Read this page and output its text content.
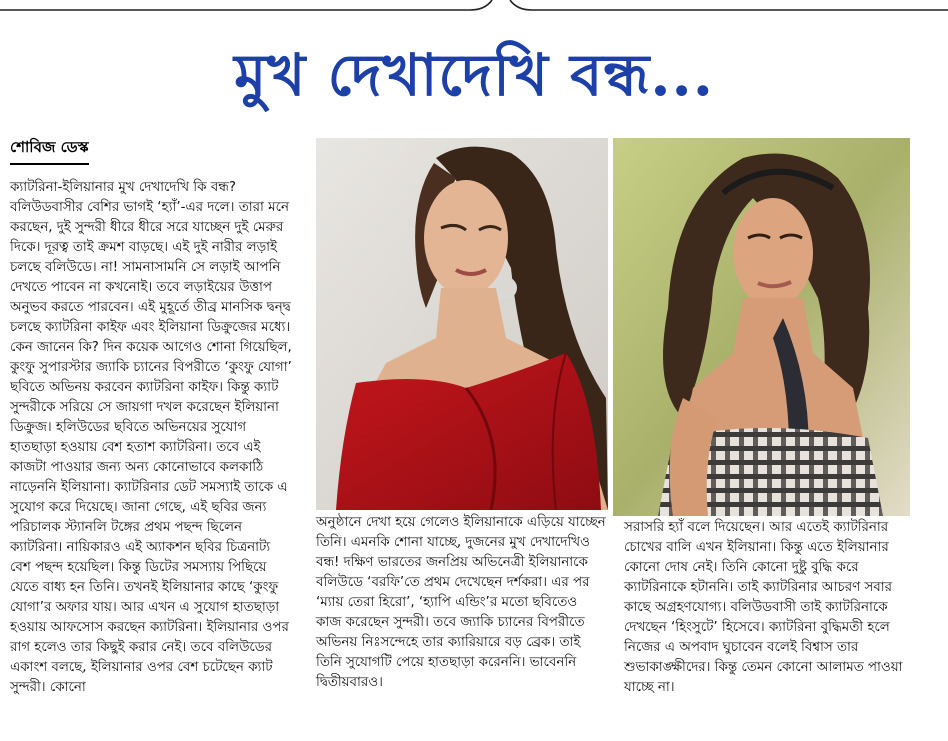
মুখ দেখাদেখি বন্ধ...
শোবিজ ডেস্ক

ক্যাটরিনা-ইলিয়ানার মুখ দেখাদেখি কি বন্ধ? বলিউডবাসীর বেশির ভাগই ‘হ্যাঁ’-এর দলে। তারা মনে করছেন, দুই সুন্দরী ধীরে ধীরে সরে যাচ্ছেন দুই মেরুর দিকে। দূরত্ব তাই ক্রমশ বাড়ছে। এই দুই নারীর লড়াই চলছে বলিউডে। না! সামনাসামনি সে লড়াই আপনি দেখতে পাবেন না কখনোই। তবে লড়াইয়ের উত্তাপ অনুভব করতে পারবেন। এই মুহূর্তে তীব্র মানসিক দ্বন্দ্ব চলছে ক্যাটরিনা কাইফ এবং ইলিয়ানা ডিক্রুজের মধ্যে। কেন জানেন কি? দিন কয়েক আগেও শোনা গিয়েছিল, কুংফু সুপারস্টার জ্যাকি চ্যানের বিপরীতে ‘কুংফু যোগা’ ছবিতে অভিনয় করবেন ক্যাটরিনা কাইফ। কিন্তু ক্যাট সুন্দরীকে সরিয়ে সে জায়গা দখল করেছেন ইলিয়ানা ডিক্রুজ। হলিউডের ছবিতে অভিনয়ের সুযোগ হাতছাড়া হওয়ায় বেশ হতাশ ক্যাটরিনা। তবে এই কাজটা পাওয়ার জন্য অন্য কোনোভাবে কলকাঠি নাড়েননি ইলিয়ানা। ক্যাটরিনার ডেট সমস্যাই তাকে এ সুযোগ করে দিয়েছে। জানা গেছে, এই ছবির জন্য পরিচালক স্ট্যানলি টঙ্গের প্রথম পছন্দ ছিলেন ক্যাটরিনা। নায়িকারও এই অ্যাকশন ছবির চিত্রনাট্য বেশ পছন্দ হয়েছিল। কিন্তু ডিটের সমস্যায় পিছিয়ে যেতে বাধ্য হন তিনি। তখনই ইলিয়ানার কাছে ‘কুংফু যোগা’র অফার যায়। আর এখন এ সুযোগ হাতছাড়া হওয়ায় আফসোস করছেন ক্যাটরিনা। ইলিয়ানার ওপর রাগ হলেও তার কিছুই করার নেই। তবে বলিউডের একাংশ বলছে, ইলিয়ানার ওপর বেশ চটেছেন ক্যাট সুন্দরী। কোনো

অনুষ্ঠানে দেখা হয়ে গেলেও ইলিয়ানাকে এড়িয়ে যাচ্ছেন তিনি। এমনকি শোনা যাচ্ছে, দুজনের মুখ দেখাদেখিও বন্ধ! দক্ষিণ ভারতের জনপ্রিয় অভিনেত্রী ইলিয়ানাকে বলিউডে ‘বরফি’তে প্রথম দেখেছেন দর্শকরা। এর পর ‘ম্যায় তেরা হিরো’, ‘হ্যাপি এন্ডিং’র মতো ছবিতেও কাজ করেছেন সুন্দরী। তবে জ্যাকি চ্যানের বিপরীতে অভিনয় নিঃসন্দেহে তার ক্যারিয়ারে বড় ব্রেক। তাই তিনি সুযোগটি পেয়ে হাতছাড়া করেননি। ভাবেননি দ্বিতীয়বারও।

সরাসরি হ্যাঁ বলে দিয়েছেন। আর এতেই ক্যাটরিনার চোখের বালি এখন ইলিয়ানা। কিন্তু এতে ইলিয়ানার কোনো দোষ নেই। তিনি কোনো দুষ্টু বুদ্ধি করে ক্যাটরিনাকে হটাননি। তাই ক্যাটরিনার আচরণ সবার কাছে অগ্রহণযোগ্য। বলিউডবাসী তাই ক্যাটরিনাকে দেখছেন ‘হিংসুটে’ হিসেবে। ক্যাটরিনা বুদ্ধিমতী হলে নিজের এ অপবাদ ঘুচাবেন বলেই বিশ্বাস তার শুভাকাঙ্ক্ষীদের। কিন্তু তেমন কোনো আলামত পাওয়া যাচ্ছে না।
